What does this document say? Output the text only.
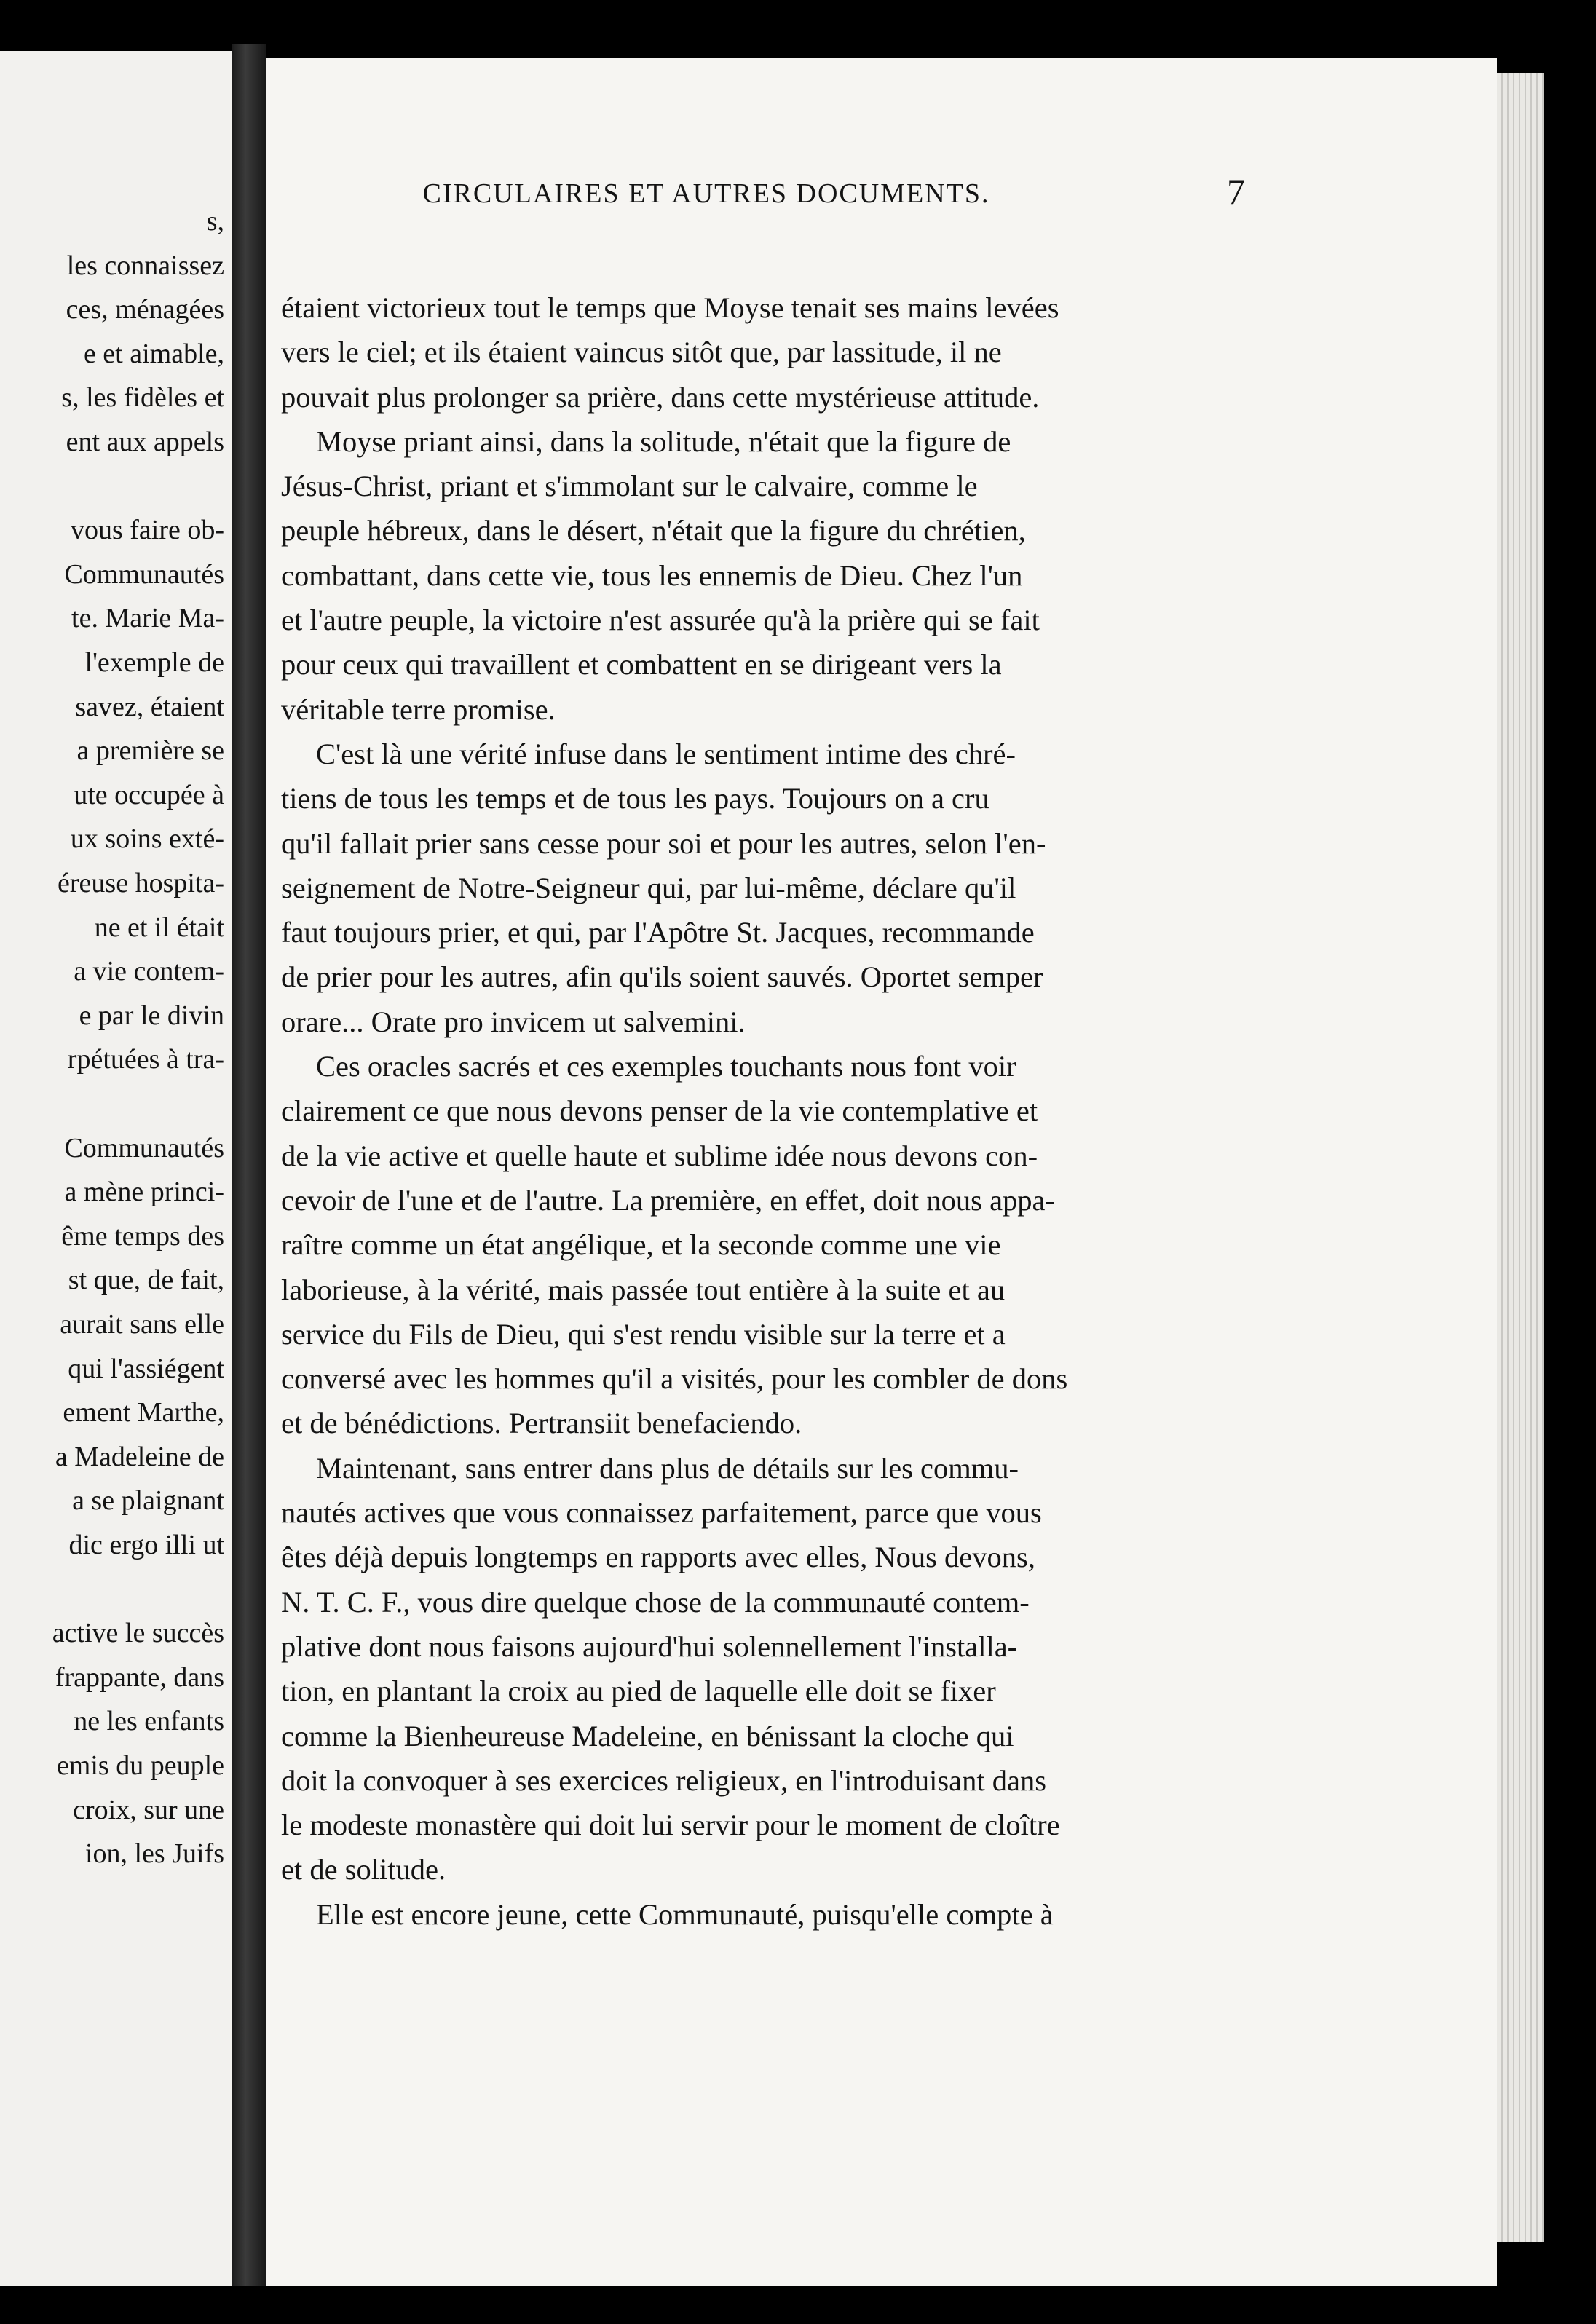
s,
les connaissez
ces, ménagées
e et aimable,
s, les fidèles et
ent aux appels
vous faire ob-
Communautés
te. Marie Ma-
l'exemple de
savez, étaient
a première se
ute occupée à
ux soins exté-
éreuse hospita-
ne et il était
a vie contem-
e par le divin
rpétuées à tra-
Communautés
a mène princi-
ême temps des
st que, de fait,
aurait sans elle
qui l'assiégent
ement Marthe,
a Madeleine de
a se plaignant
dic ergo illi ut
active le succès
frappante, dans
ne les enfants
emis du peuple
croix, sur une
ion, les Juifs
CIRCULAIRES ET AUTRES DOCUMENTS.	7
étaient victorieux tout le temps que Moyse tenait ses mains levées
vers le ciel; et ils étaient vaincus sitôt que, par lassitude, il ne
pouvait plus prolonger sa prière, dans cette mystérieuse attitude.
Moyse priant ainsi, dans la solitude, n'était que la figure de
Jésus-Christ, priant et s'immolant sur le calvaire, comme le
peuple hébreux, dans le désert, n'était que la figure du chrétien,
combattant, dans cette vie, tous les ennemis de Dieu. Chez l'un
et l'autre peuple, la victoire n'est assurée qu'à la prière qui se fait
pour ceux qui travaillent et combattent en se dirigeant vers la
véritable terre promise.
C'est là une vérité infuse dans le sentiment intime des chré-
tiens de tous les temps et de tous les pays. Toujours on a cru
qu'il fallait prier sans cesse pour soi et pour les autres, selon l'en-
seignement de Notre-Seigneur qui, par lui-même, déclare qu'il
faut toujours prier, et qui, par l'Apôtre St. Jacques, recommande
de prier pour les autres, afin qu'ils soient sauvés. Oportet semper
orare... Orate pro invicem ut salvemini.
Ces oracles sacrés et ces exemples touchants nous font voir
clairement ce que nous devons penser de la vie contemplative et
de la vie active et quelle haute et sublime idée nous devons con-
cevoir de l'une et de l'autre. La première, en effet, doit nous appa-
raître comme un état angélique, et la seconde comme une vie
laborieuse, à la vérité, mais passée tout entière à la suite et au
service du Fils de Dieu, qui s'est rendu visible sur la terre et a
conversé avec les hommes qu'il a visités, pour les combler de dons
et de bénédictions. Pertransiit benefaciendo.
Maintenant, sans entrer dans plus de détails sur les commu-
nautés actives que vous connaissez parfaitement, parce que vous
êtes déjà depuis longtemps en rapports avec elles, Nous devons,
N. T. C. F., vous dire quelque chose de la communauté contem-
plative dont nous faisons aujourd'hui solennellement l'installa-
tion, en plantant la croix au pied de laquelle elle doit se fixer
comme la Bienheureuse Madeleine, en bénissant la cloche qui
doit la convoquer à ses exercices religieux, en l'introduisant dans
le modeste monastère qui doit lui servir pour le moment de cloître
et de solitude.
Elle est encore jeune, cette Communauté, puisqu'elle compte à
